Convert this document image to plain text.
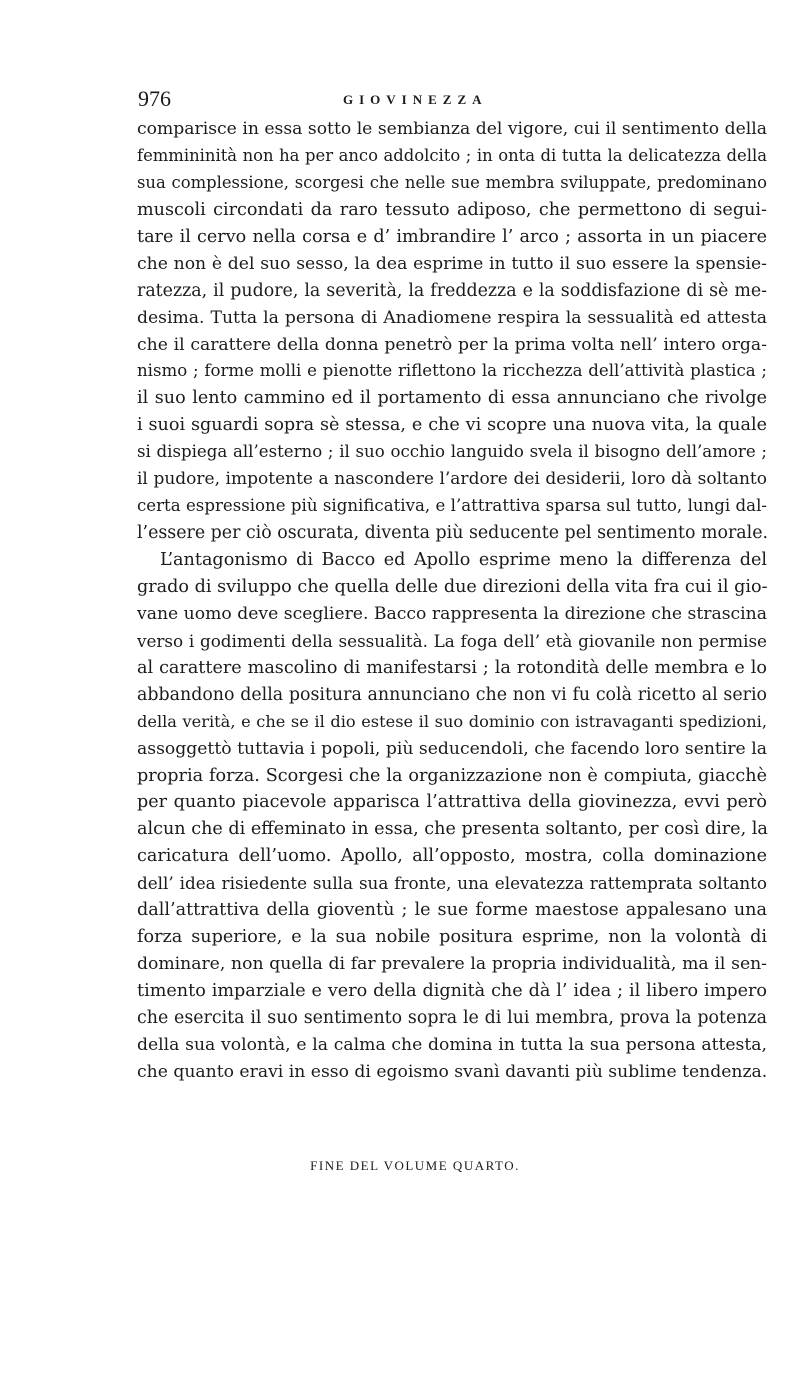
976	GIOVINEZZA
comparisce in essa sotto le sembianza del vigore, cui il sentimento della
femmininità non ha per anco addolcito ; in onta di tutta la delicatezza della
sua complessione, scorgesi che nelle sue membra sviluppate, predominano
muscoli circondati da raro tessuto adiposo, che permettono di segui-
tare il cervo nella corsa e d’ imbrandire l’ arco ; assorta in un piacere
che non è del suo sesso, la dea esprime in tutto il suo essere la spensie-
ratezza, il pudore, la severità, la freddezza e la soddisfazione di sè me-
desima. Tutta la persona di Anadiomene respira la sessualità ed attesta
che il carattere della donna penetrò per la prima volta nell’ intero orga-
nismo ; forme molli e pienotte riflettono la ricchezza dell’attività plastica ;
il suo lento cammino ed il portamento di essa annunciano che rivolge
i suoi sguardi sopra sè stessa, e che vi scopre una nuova vita, la quale
si dispiega all’esterno ; il suo occhio languido svela il bisogno dell’amore ;
il pudore, impotente a nascondere l’ardore dei desiderii, loro dà soltanto
certa espressione più significativa, e l’attrattiva sparsa sul tutto, lungi dal-
l’essere per ciò oscurata, diventa più seducente pel sentimento morale.
L’antagonismo di Bacco ed Apollo esprime meno la differenza del
grado di sviluppo che quella delle due direzioni della vita fra cui il gio-
vane uomo deve scegliere. Bacco rappresenta la direzione che strascina
verso i godimenti della sessualità. La foga dell’ età giovanile non permise
al carattere mascolino di manifestarsi ; la rotondità delle membra e lo
abbandono della positura annunciano che non vi fu colà ricetto al serio
della verità, e che se il dio estese il suo dominio con istravaganti spedizioni,
assoggettò tuttavia i popoli, più seducendoli, che facendo loro sentire la
propria forza. Scorgesi che la organizzazione non è compiuta, giacchè
per quanto piacevole apparisca l’attrattiva della giovinezza, evvi però
alcun che di effeminato in essa, che presenta soltanto, per così dire, la
caricatura dell’uomo. Apollo, all’opposto, mostra, colla dominazione
dell’ idea risiedente sulla sua fronte, una elevatezza rattemprata soltanto
dall’attrattiva della gioventù ; le sue forme maestose appalesano una
forza superiore, e la sua nobile positura esprime, non la volontà di
dominare, non quella di far prevalere la propria individualità, ma il sen-
timento imparziale e vero della dignità che dà l’ idea ; il libero impero
che esercita il suo sentimento sopra le di lui membra, prova la potenza
della sua volontà, e la calma che domina in tutta la sua persona attesta,
che quanto eravi in esso di egoismo svanì davanti più sublime tendenza.
FINE DEL VOLUME QUARTO.
